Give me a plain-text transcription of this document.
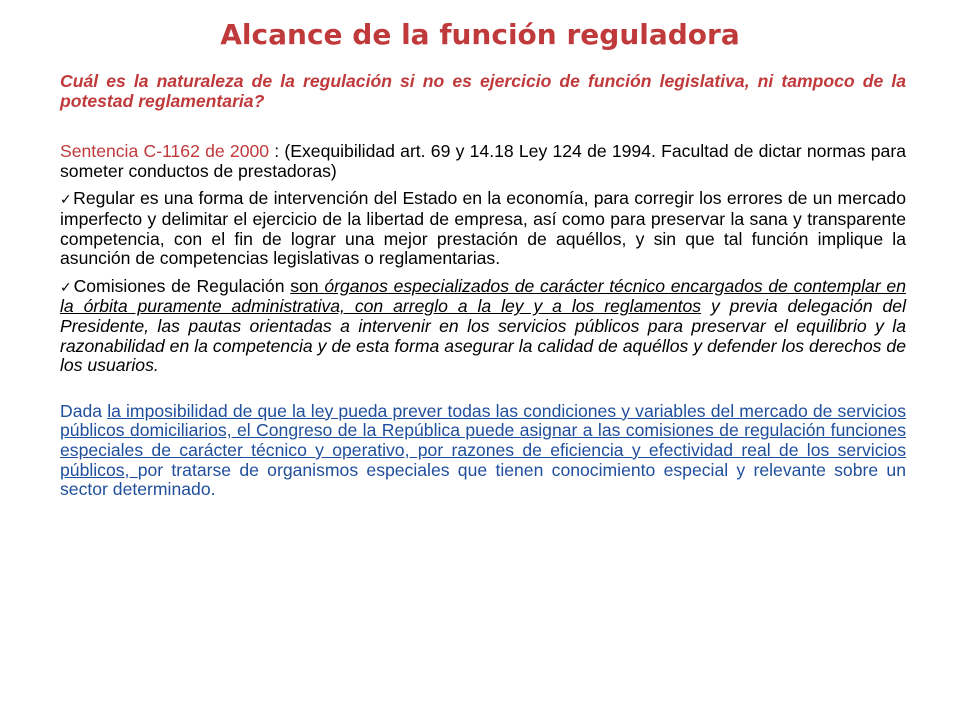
Alcance de la función reguladora

Cuál es la naturaleza de la regulación si no es ejercicio de función legislativa, ni tampoco de la potestad reglamentaria?

Sentencia C-1162 de 2000 : (Exequibilidad art. 69 y 14.18 Ley 124 de 1994. Facultad de dictar normas para someter conductos de prestadoras)

✓Regular es una forma de intervención del Estado en la economía, para corregir los errores de un mercado imperfecto y delimitar el ejercicio de la libertad de empresa, así como para preservar la sana y transparente competencia, con el fin de lograr una mejor prestación de aquéllos, y sin que tal función implique la asunción de competencias legislativas o reglamentarias.

✓Comisiones de Regulación son órganos especializados de carácter técnico encargados de contemplar en la órbita puramente administrativa, con arreglo a la ley y a los reglamentos y previa delegación del Presidente, las pautas orientadas a intervenir en los servicios públicos para preservar el equilibrio y la razonabilidad en la competencia y de esta forma asegurar la calidad de aquéllos y defender los derechos de los usuarios.

Dada la imposibilidad de que la ley pueda prever todas las condiciones y variables del mercado de servicios públicos domiciliarios, el Congreso de la República puede asignar a las comisiones de regulación funciones especiales de carácter técnico y operativo, por razones de eficiencia y efectividad real de los servicios públicos, por tratarse de organismos especiales que tienen conocimiento especial y relevante sobre un sector determinado.
